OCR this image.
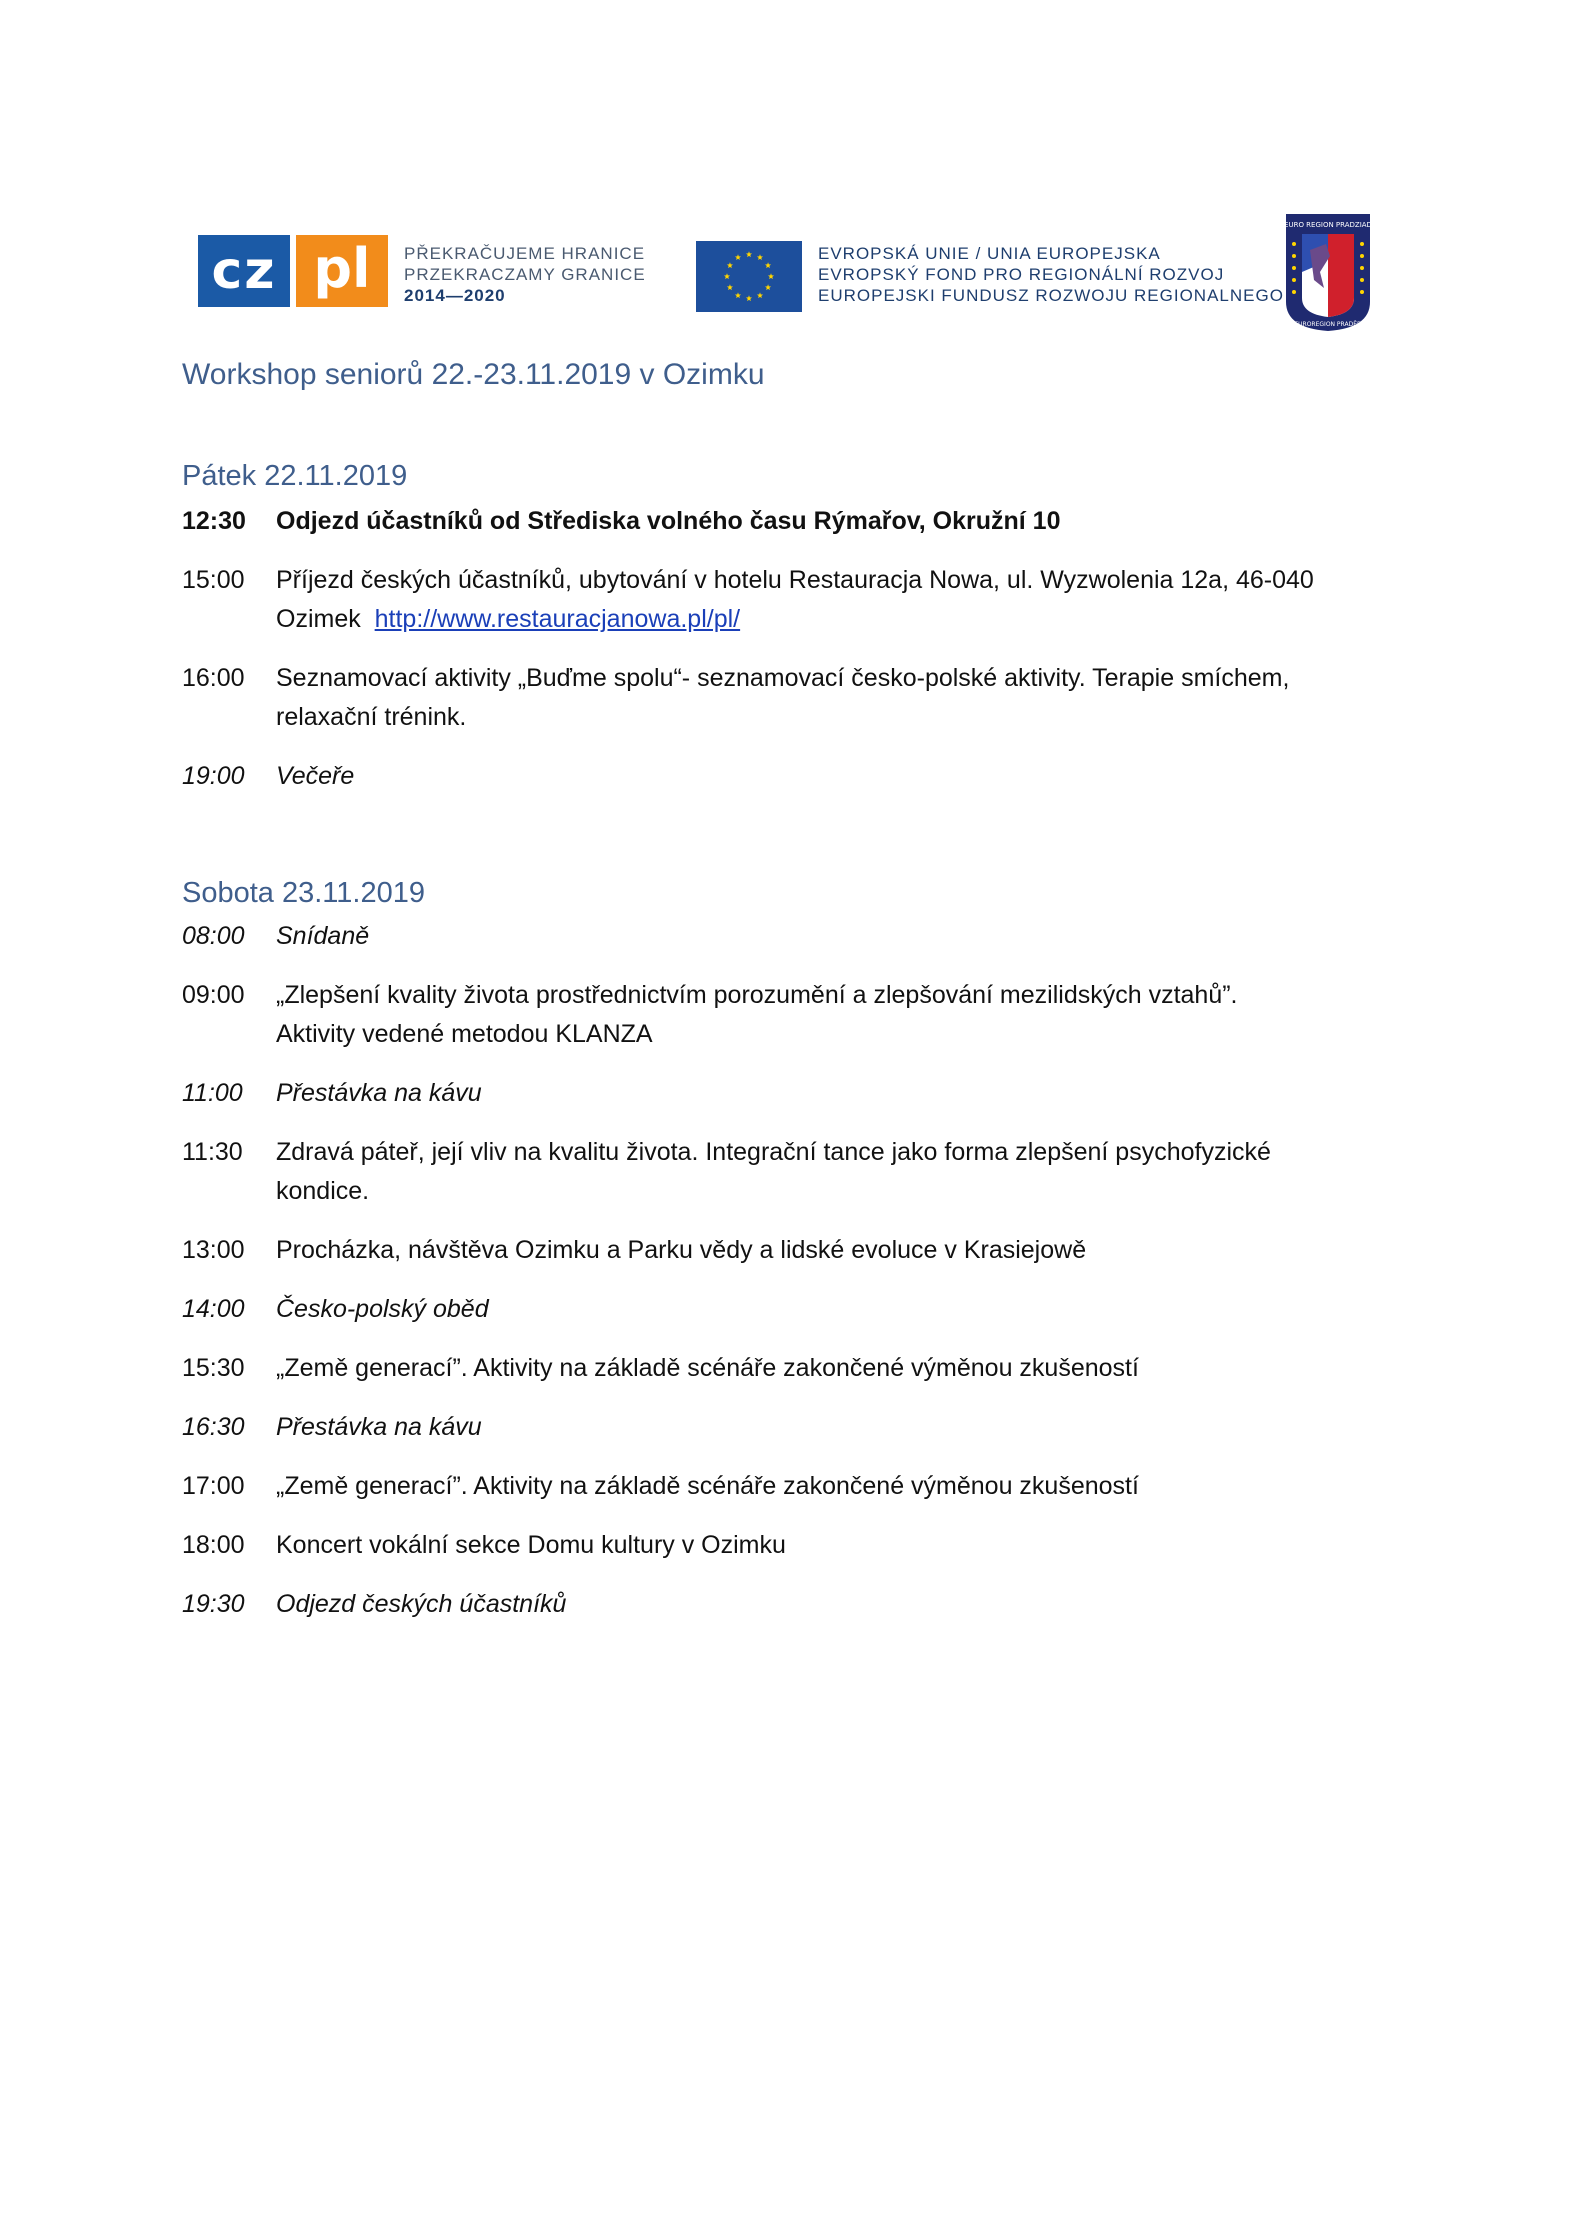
cz pl	PŘEKRAČUJEME HRANICE
PRZEKRACZAMY GRANICE
2014—2020
EVROPSKÁ UNIE / UNIA EUROPEJSKA
EVROPSKÝ FOND PRO REGIONÁLNÍ ROZVOJ
EUROPEJSKI FUNDUSZ ROZWOJU REGIONALNEGO
EURO REGION PRADZIAD
EUROREGION PRADĚD
Workshop seniorů 22.-23.11.2019 v Ozimku
Pátek 22.11.2019
12:30 Odjezd účastníků od Střediska volného času Rýmařov, Okružní 10
15:00 Příjezd českých účastníků, ubytování v hotelu Restauracja Nowa, ul. Wyzwolenia 12a, 46-040
Ozimek http://www.restauracjanowa.pl/pl/
16:00 Seznamovací aktivity „Buďme spolu“- seznamovací česko-polské aktivity. Terapie smíchem,
relaxační trénink.
19:00 Večeře
Sobota 23.11.2019
08:00 Snídaně
09:00 „Zlepšení kvality života prostřednictvím porozumění a zlepšování mezilidských vztahů”.
Aktivity vedené metodou KLANZA
11:00 Přestávka na kávu
11:30 Zdravá páteř, její vliv na kvalitu života. Integrační tance jako forma zlepšení psychofyzické
kondice.
13:00 Procházka, návštěva Ozimku a Parku vědy a lidské evoluce v Krasiejowě
14:00 Česko-polský oběd
15:30 „Země generací”. Aktivity na základě scénáře zakončené výměnou zkušeností
16:30 Přestávka na kávu
17:00 „Země generací”. Aktivity na základě scénáře zakončené výměnou zkušeností
18:00 Koncert vokální sekce Domu kultury v Ozimku
19:30 Odjezd českých účastníků
